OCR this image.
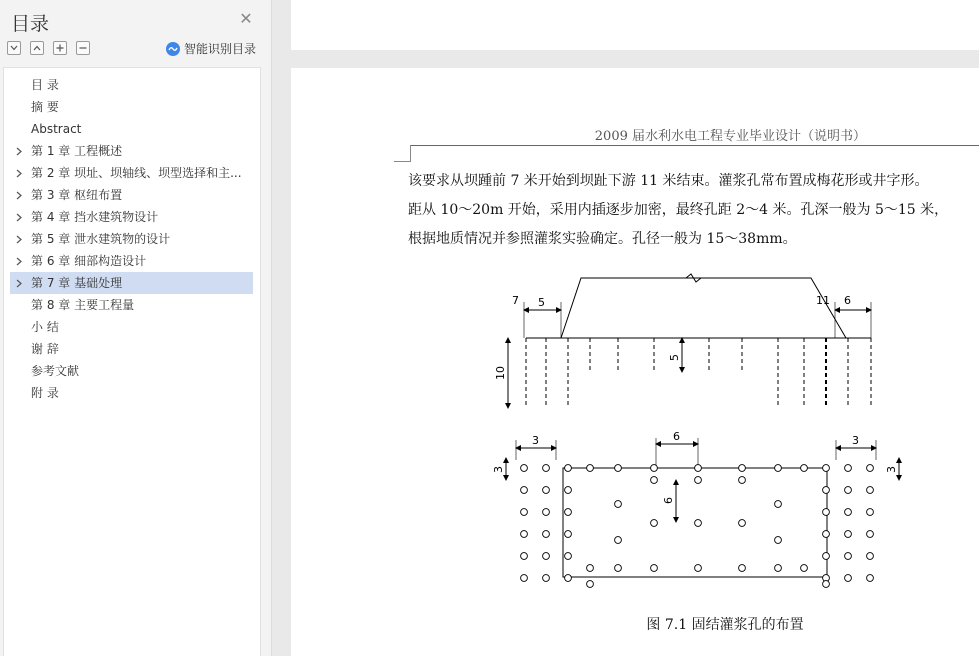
目录	✕
智能识别目录
目 录
摘 要
Abstract
第 1 章 工程概述
第 2 章 坝址、坝轴线、坝型选择和主...
第 3 章 枢纽布置
第 4 章 挡水建筑物设计
第 5 章 泄水建筑物的设计
第 6 章 细部构造设计
第 7 章 基础处理
第 8 章 主要工程量
小 结
谢 辞
参考文献
附 录
2009 届水利水电工程专业毕业设计（说明书）
该要求从坝踵前 7 米开始到坝趾下游 11 米结束。灌浆孔常布置成梅花形或井字形。
距从 10～20m 开始，采用内插逐步加密，最终孔距 2～4 米。孔深一般为 5～15 米，
根据地质情况并参照灌浆实验确定。孔径一般为 15～38mm。
7 5	11 6
10
5
3	6	3
3
6
3
图 7.1 固结灌浆孔的布置
